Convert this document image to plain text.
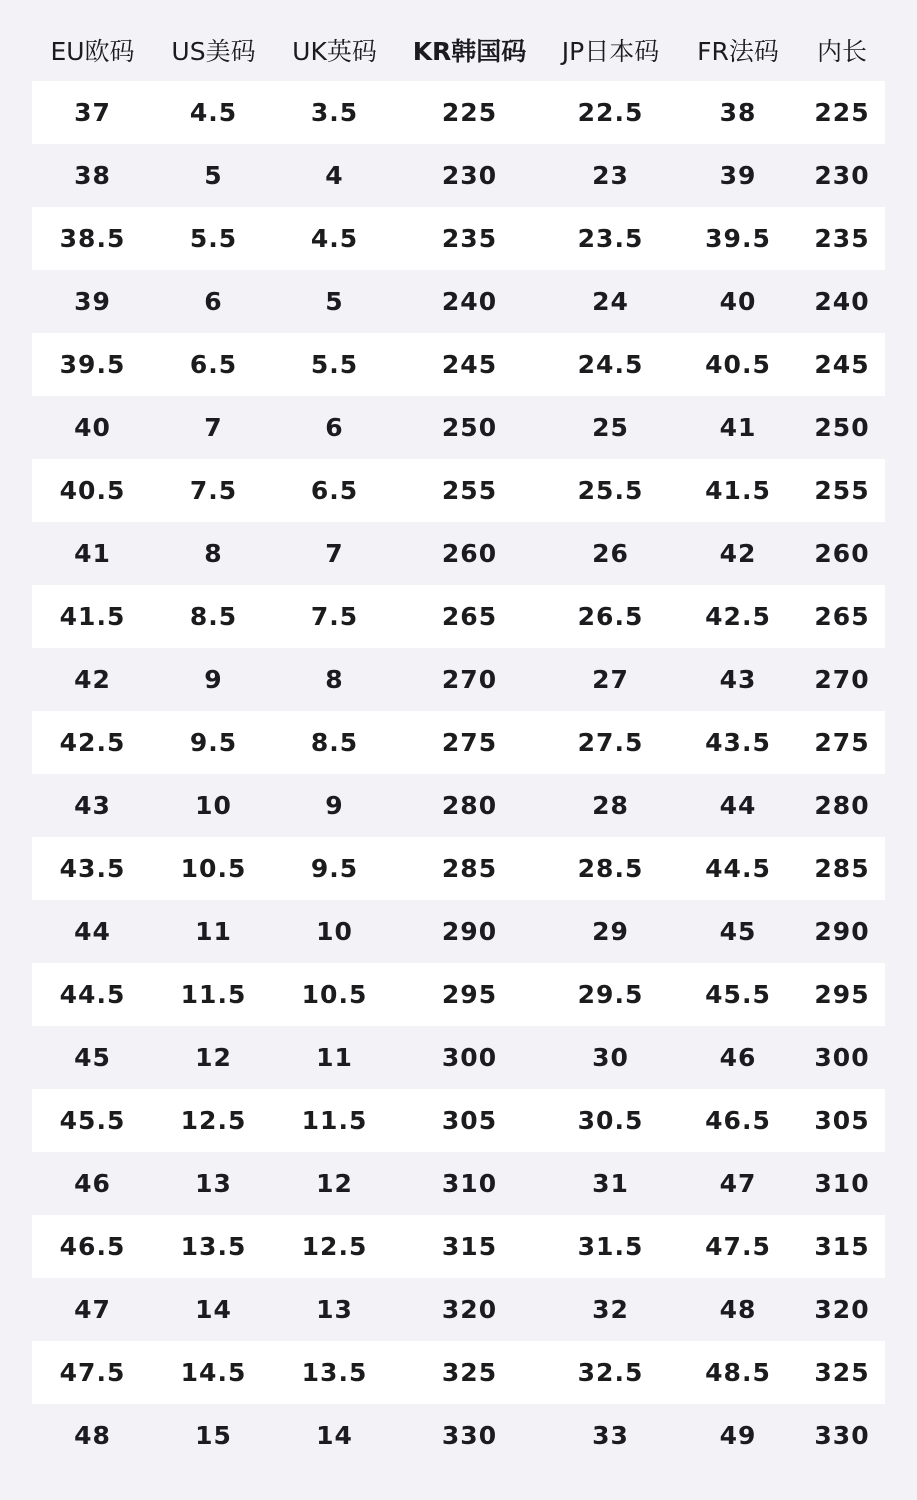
EU欧码	US美码	UK英码	KR韩国码	JP日本码	FR法码	内长
37	4.5	3.5	225	22.5	38	225
38	5	4	230	23	39	230
38.5	5.5	4.5	235	23.5	39.5	235
39	6	5	240	24	40	240
39.5	6.5	5.5	245	24.5	40.5	245
40	7	6	250	25	41	250
40.5	7.5	6.5	255	25.5	41.5	255
41	8	7	260	26	42	260
41.5	8.5	7.5	265	26.5	42.5	265
42	9	8	270	27	43	270
42.5	9.5	8.5	275	27.5	43.5	275
43	10	9	280	28	44	280
43.5	10.5	9.5	285	28.5	44.5	285
44	11	10	290	29	45	290
44.5	11.5	10.5	295	29.5	45.5	295
45	12	11	300	30	46	300
45.5	12.5	11.5	305	30.5	46.5	305
46	13	12	310	31	47	310
46.5	13.5	12.5	315	31.5	47.5	315
47	14	13	320	32	48	320
47.5	14.5	13.5	325	32.5	48.5	325
48	15	14	330	33	49	330
